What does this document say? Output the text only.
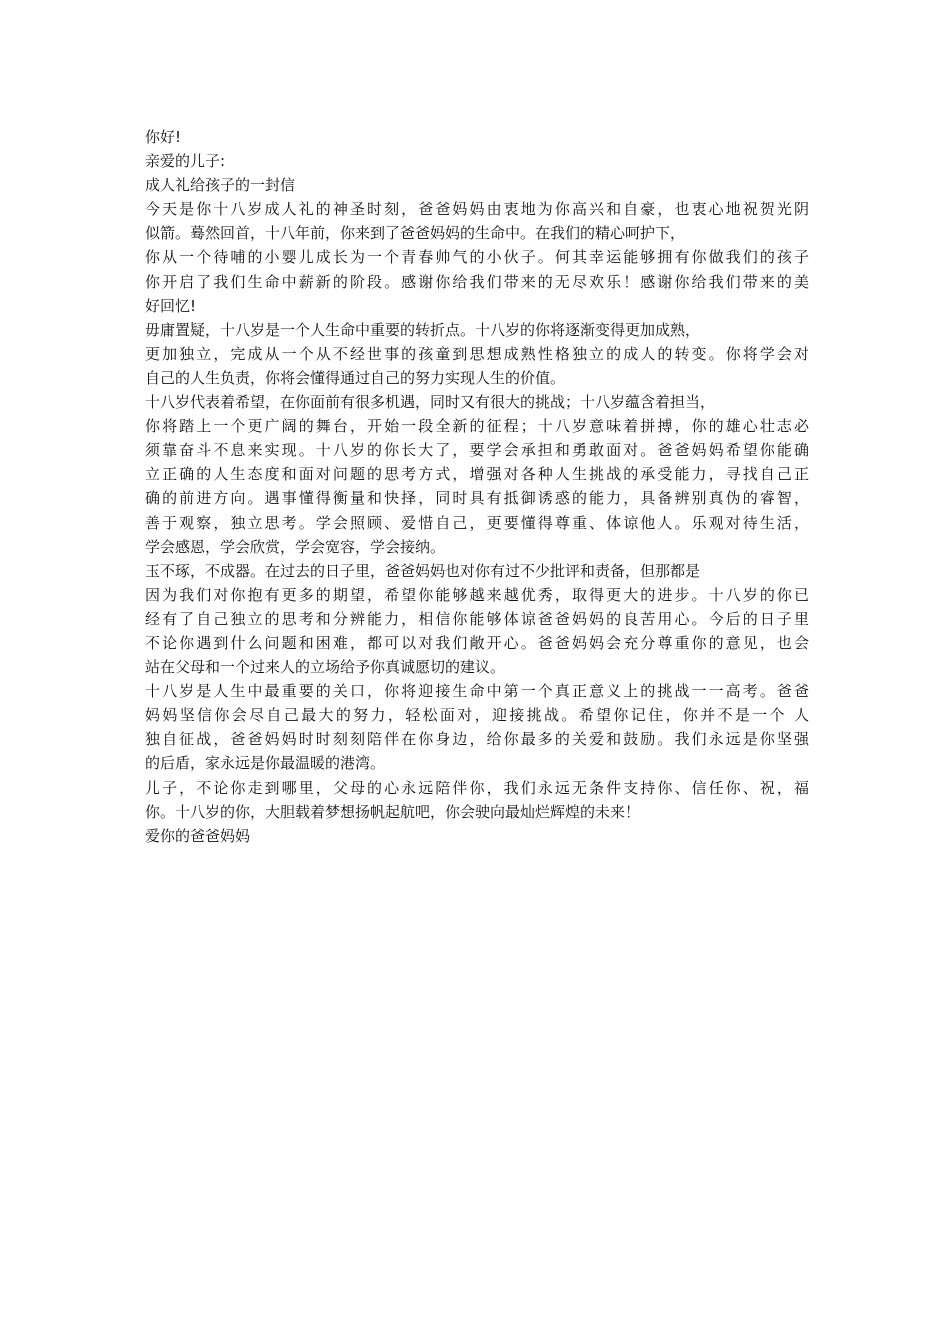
你好!
亲爱的儿子:
成人礼给孩子的一封信
今天是你十八岁成人礼的神圣时刻，爸爸妈妈由衷地为你高兴和自豪，也衷心地祝贺光阴
似箭。蓦然回首，十八年前，你来到了爸爸妈妈的生命中。在我们的精心呵护下，
你从一个待哺的小婴儿成长为一个青春帅气的小伙子。何其幸运能够拥有你做我们的孩子
你开启了我们生命中薪新的阶段。感谢你给我们带来的无尽欢乐！感谢你给我们带来的美
好回忆!
毋庸置疑，十八岁是一个人生命中重要的转折点。十八岁的你将逐渐变得更加成熟，
更加独立，完成从一个从不经世事的孩童到思想成熟性格独立的成人的转变。你将学会对
自己的人生负责，你将会懂得通过自己的努力实现人生的价值。
十八岁代表着希望，在你面前有很多机遇，同时又有很大的挑战；十八岁蕴含着担当，
你将踏上一个更广阔的舞台，开始一段全新的征程；十八岁意味着拼搏，你的雄心壮志必
须靠奋斗不息来实现。十八岁的你长大了，要学会承担和勇敢面对。爸爸妈妈希望你能确
立正确的人生态度和面对问题的思考方式，增强对各种人生挑战的承受能力，寻找自己正
确的前进方向。遇事懂得衡量和快择，同时具有抵御诱惑的能力，具备辨别真伪的睿智，
善于观察，独立思考。学会照顾、爱惜自己，更要懂得尊重、体谅他人。乐观对待生活，
学会感恩，学会欣赏，学会宽容，学会接纳。
玉不琢，不成器。在过去的日子里，爸爸妈妈也对你有过不少批评和责备，但那都是
因为我们对你抱有更多的期望，希望你能够越来越优秀，取得更大的进步。十八岁的你已
经有了自己独立的思考和分辨能力，相信你能够体谅爸爸妈妈的良苦用心。今后的日子里
不论你遇到什么问题和困难，都可以对我们敞开心。爸爸妈妈会充分尊重你的意见，也会
站在父母和一个过来人的立场给予你真诚愿切的建议。
十八岁是人生中最重要的关口，你将迎接生命中第一个真正意义上的挑战一一高考。爸爸
妈妈坚信你会尽自己最大的努力，轻松面对，迎接挑战。希望你记住，你并不是一个 人
独自征战，爸爸妈妈时时刻刻陪伴在你身边，给你最多的关爱和鼓励。我们永远是你坚强
的后盾，家永远是你最温暖的港湾。
儿子，不论你走到哪里，父母的心永远陪伴你，我们永远无条件支持你、信任你、祝，福
你。十八岁的你，大胆载着梦想扬帆起航吧，你会驶向最灿烂辉煌的未来！
爱你的爸爸妈妈
